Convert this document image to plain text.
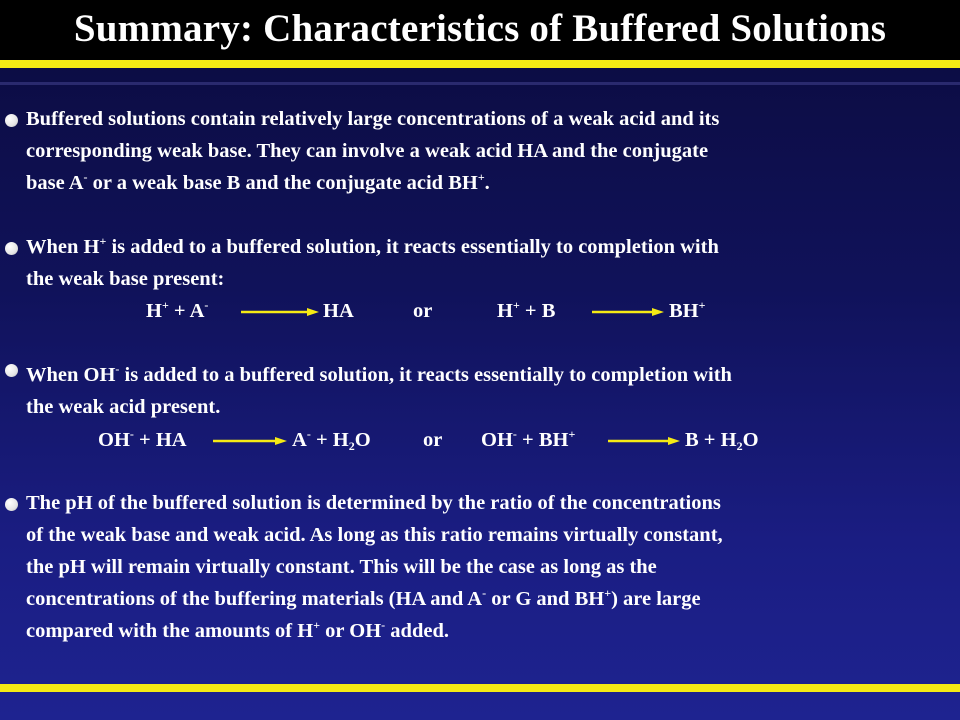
Summary: Characteristics of Buffered Solutions
Buffered solutions contain relatively large concentrations of a weak acid and its
corresponding weak base. They can involve a weak acid HA and the conjugate
base A- or a weak base B and the conjugate acid BH+.
When H+ is added to a buffered solution, it reacts essentially to completion with
the weak base present:
H+ + A-	HA	or	H+ + B	BH+
When OH- is added to a buffered solution, it reacts essentially to completion with
the weak acid present.
OH- + HA	$A^- + H_2O$	or OH- + BH+	$B + H_2O$
The pH of the buffered solution is determined by the ratio of the concentrations
of the weak base and weak acid. As long as this ratio remains virtually constant,
the pH will remain virtually constant. This will be the case as long as the
concentrations of the buffering materials (HA and A- or G and BH+) are large
compared with the amounts of H+ or OH- added.
